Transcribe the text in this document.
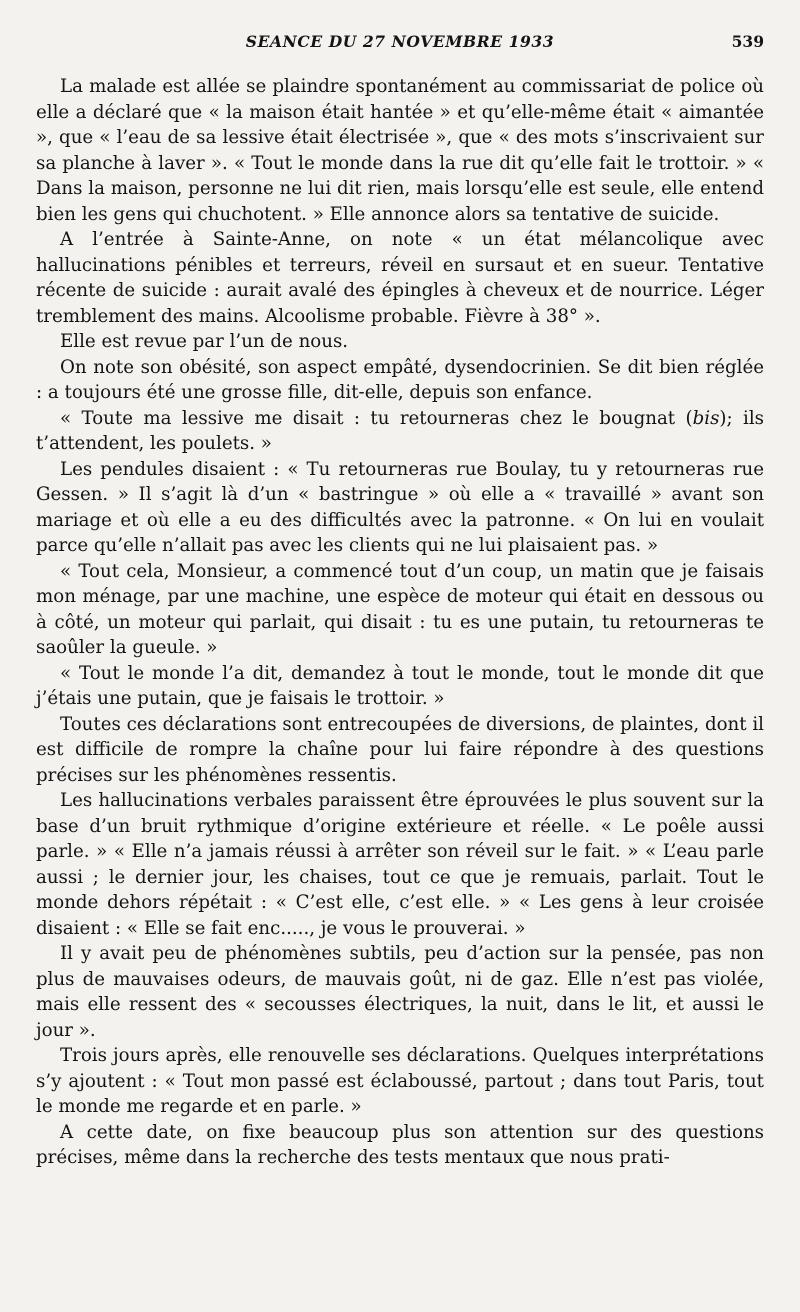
SEANCE DU 27 NOVEMBRE 1933	539

La malade est allée se plaindre spontanément au commissariat de police où elle a déclaré que « la maison était hantée » et qu’elle-même était « aimantée », que « l’eau de sa lessive était électrisée », que « des mots s’inscrivaient sur sa planche à laver ». « Tout le monde dans la rue dit qu’elle fait le trottoir. » « Dans la maison, personne ne lui dit rien, mais lorsqu’elle est seule, elle entend bien les gens qui chuchotent. » Elle annonce alors sa tentative de suicide.

A l’entrée à Sainte-Anne, on note « un état mélancolique avec hallucinations pénibles et terreurs, réveil en sursaut et en sueur. Tentative récente de suicide : aurait avalé des épingles à cheveux et de nourrice. Léger tremblement des mains. Alcoolisme probable. Fièvre à 38° ».

Elle est revue par l’un de nous.

On note son obésité, son aspect empâté, dysendocrinien. Se dit bien réglée : a toujours été une grosse fille, dit-elle, depuis son enfance.

« Toute ma lessive me disait : tu retourneras chez le bougnat (bis); ils t’attendent, les poulets. »

Les pendules disaient : « Tu retourneras rue Boulay, tu y retourneras rue Gessen. » Il s’agit là d’un « bastringue » où elle a « travaillé » avant son mariage et où elle a eu des difficultés avec la patronne. « On lui en voulait parce qu’elle n’allait pas avec les clients qui ne lui plaisaient pas. »

« Tout cela, Monsieur, a commencé tout d’un coup, un matin que je faisais mon ménage, par une machine, une espèce de moteur qui était en dessous ou à côté, un moteur qui parlait, qui disait : tu es une putain, tu retourneras te saoûler la gueule. »

« Tout le monde l’a dit, demandez à tout le monde, tout le monde dit que j’étais une putain, que je faisais le trottoir. »

Toutes ces déclarations sont entrecoupées de diversions, de plaintes, dont il est difficile de rompre la chaîne pour lui faire répondre à des questions précises sur les phénomènes ressentis.

Les hallucinations verbales paraissent être éprouvées le plus souvent sur la base d’un bruit rythmique d’origine extérieure et réelle. « Le poêle aussi parle. » « Elle n’a jamais réussi à arrêter son réveil sur le fait. » « L’eau parle aussi ; le dernier jour, les chaises, tout ce que je remuais, parlait. Tout le monde dehors répétait : « C’est elle, c’est elle. » « Les gens à leur croisée disaient : « Elle se fait enc....., je vous le prouverai. »

Il y avait peu de phénomènes subtils, peu d’action sur la pensée, pas non plus de mauvaises odeurs, de mauvais goût, ni de gaz. Elle n’est pas violée, mais elle ressent des « secousses électriques, la nuit, dans le lit, et aussi le jour ».

Trois jours après, elle renouvelle ses déclarations. Quelques interprétations s’y ajoutent : « Tout mon passé est éclaboussé, partout ; dans tout Paris, tout le monde me regarde et en parle. »

A cette date, on fixe beaucoup plus son attention sur des questions précises, même dans la recherche des tests mentaux que nous prati-
